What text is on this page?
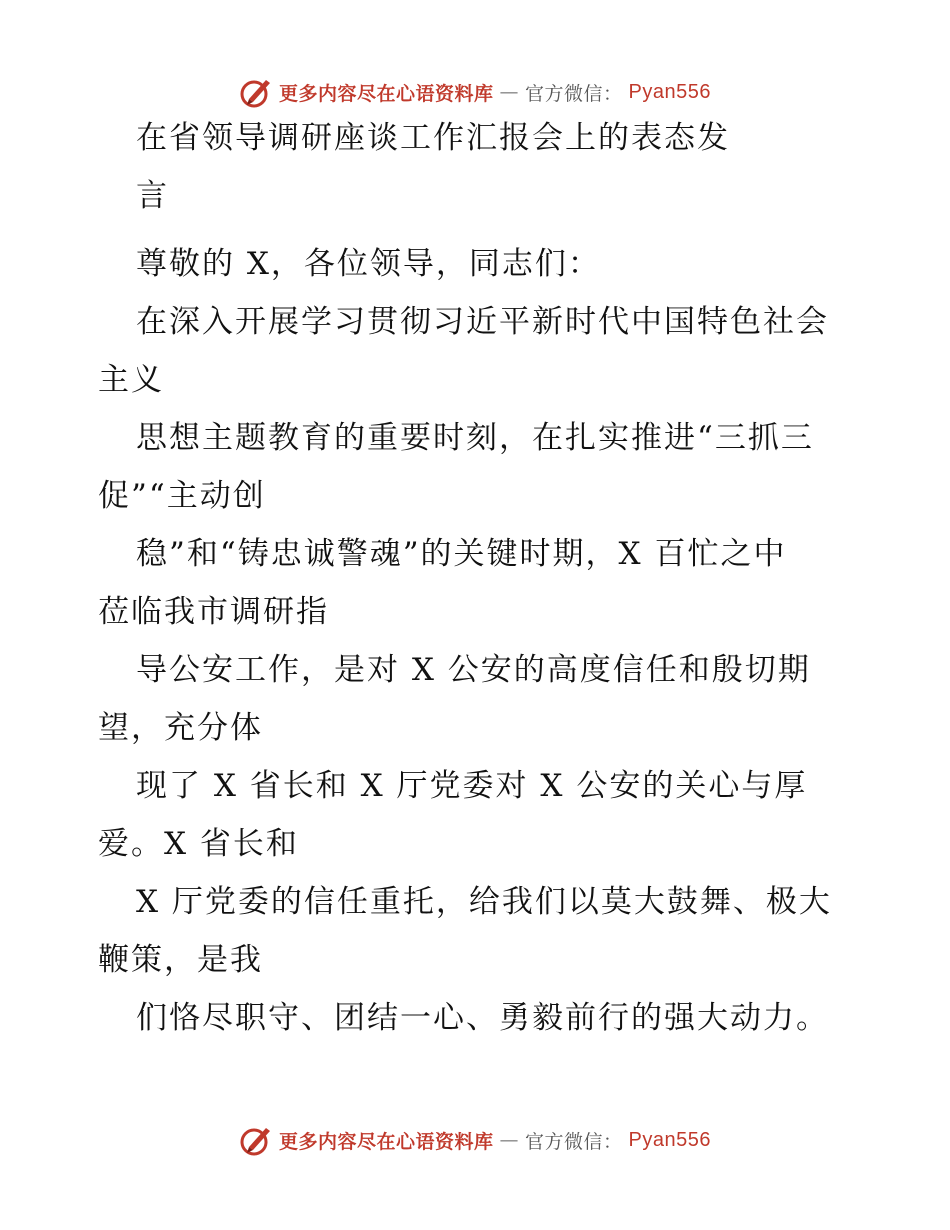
更多内容尽在心语资料库 — 官方微信： Pyan556
在省领导调研座谈工作汇报会上的表态发
言
尊敬的 X，各位领导，同志们：
在深入开展学习贯彻习近平新时代中国特色社会
主义
思想主题教育的重要时刻，在扎实推进“三抓三
促”“主动创
稳”和“铸忠诚警魂”的关键时期，X 百忙之中
莅临我市调研指
导公安工作，是对 X 公安的高度信任和殷切期
望，充分体
现了 X 省长和 X 厅党委对 X 公安的关心与厚
爱。X 省长和
X 厅党委的信任重托，给我们以莫大鼓舞、极大
鞭策，是我
们恪尽职守、团结一心、勇毅前行的强大动力。
更多内容尽在心语资料库 — 官方微信： Pyan556
